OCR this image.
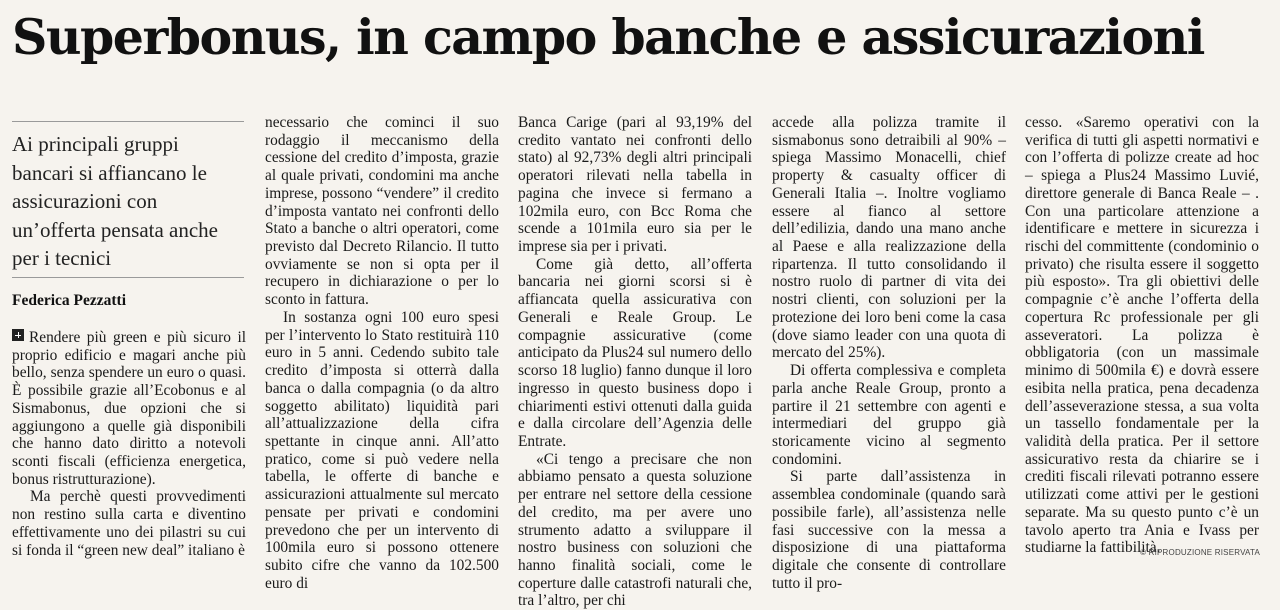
Superbonus, in campo banche e assicurazioni

Ai principali gruppi bancari si affiancano le assicurazioni con un’offerta pensata anche per i tecnici

Federica Pezzatti

Rendere più green e più sicuro il proprio edificio e magari anche più bello, senza spendere un euro o quasi. È possibile grazie all’Ecobonus e al Sismabonus, due opzioni che si aggiungono a quelle già disponibili che hanno dato diritto a notevoli sconti fiscali (efficienza energetica, bonus ristrutturazione).

Ma perchè questi provvedimenti non restino sulla carta e diventino effettivamente uno dei pilastri su cui si fonda il “green new deal” italiano è

necessario che cominci il suo rodaggio il meccanismo della cessione del credito d’imposta, grazie al quale privati, condomini ma anche imprese, possono “vendere” il credito d’imposta vantato nei confronti dello Stato a banche o altri operatori, come previsto dal Decreto Rilancio. Il tutto ovviamente se non si opta per il recupero in dichiarazione o per lo sconto in fattura.

In sostanza ogni 100 euro spesi per l’intervento lo Stato restituirà 110 euro in 5 anni. Cedendo subito tale credito d’imposta si otterrà dalla banca o dalla compagnia (o da altro soggetto abilitato) liquidità pari all’attualizzazione della cifra spettante in cinque anni. All’atto pratico, come si può vedere nella tabella, le offerte di banche e assicurazioni attualmente sul mercato pensate per privati e condomini prevedono che per un intervento di 100mila euro si possono ottenere subito cifre che vanno da 102.500 euro di

Banca Carige (pari al 93,19% del credito vantato nei confronti dello stato) al 92,73% degli altri principali operatori rilevati nella tabella in pagina che invece si fermano a 102mila euro, con Bcc Roma che scende a 101mila euro sia per le imprese sia per i privati.

Come già detto, all’offerta bancaria nei giorni scorsi si è affiancata quella assicurativa con Generali e Reale Group. Le compagnie assicurative (come anticipato da Plus24 sul numero dello scorso 18 luglio) fanno dunque il loro ingresso in questo business dopo i chiarimenti estivi ottenuti dalla guida e dalla circolare dell’Agenzia delle Entrate.

«Ci tengo a precisare che non abbiamo pensato a questa soluzione per entrare nel settore della cessione del credito, ma per avere uno strumento adatto a sviluppare il nostro business con soluzioni che hanno finalità sociali, come le coperture dalle catastrofi naturali che, tra l’altro, per chi

accede alla polizza tramite il sismabonus sono detraibili al 90% – spiega Massimo Monacelli, chief property & casualty officer di Generali Italia –. Inoltre vogliamo essere al fianco al settore dell’edilizia, dando una mano anche al Paese e alla realizzazione della ripartenza. Il tutto consolidando il nostro ruolo di partner di vita dei nostri clienti, con soluzioni per la protezione dei loro beni come la casa (dove siamo leader con una quota di mercato del 25%).

Di offerta complessiva e completa parla anche Reale Group, pronto a partire il 21 settembre con agenti e intermediari del gruppo già storicamente vicino al segmento condomini.

Si parte dall’assistenza in assemblea condominale (quando sarà possibile farle), all’assistenza nelle fasi successive con la messa a disposizione di una piattaforma digitale che consente di controllare tutto il pro-

cesso. «Saremo operativi con la verifica di tutti gli aspetti normativi e con l’offerta di polizze create ad hoc – spiega a Plus24 Massimo Luvié, direttore generale di Banca Reale – . Con una particolare attenzione a identificare e mettere in sicurezza i rischi del committente (condominio o privato) che risulta essere il soggetto più esposto». Tra gli obiettivi delle compagnie c’è anche l’offerta della copertura Rc professionale per gli asseveratori. La polizza è obbligatoria (con un massimale minimo di 500mila €) e dovrà essere esibita nella pratica, pena decadenza dell’asseverazione stessa, a sua volta un tassello fondamentale per la validità della pratica. Per il settore assicurativo resta da chiarire se i crediti fiscali rilevati potranno essere utilizzati come attivi per le gestioni separate. Ma su questo punto c’è un tavolo aperto tra Ania e Ivass per studiarne la fattibilità.

© RIPRODUZIONE RISERVATA
